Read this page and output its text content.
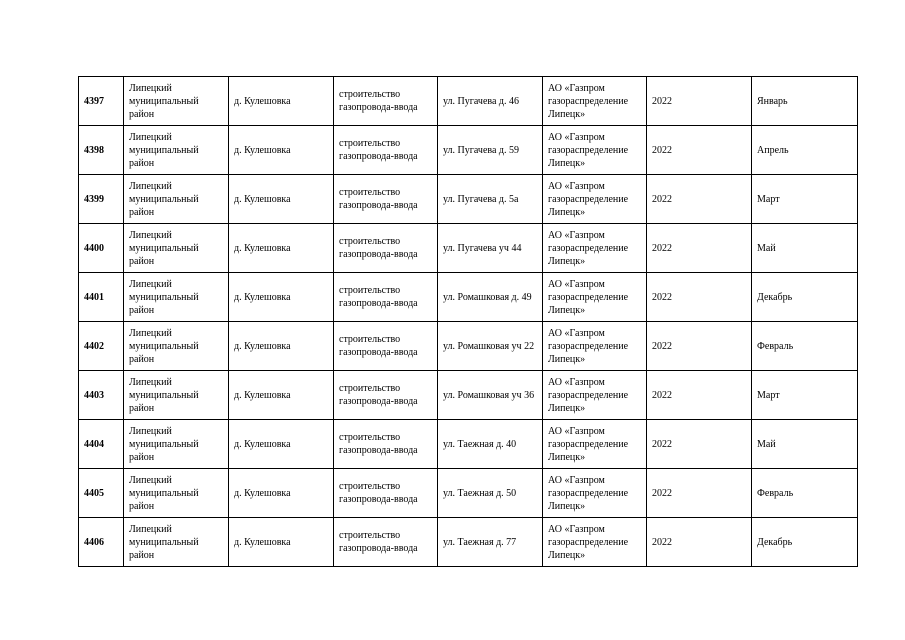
4397	Липецкий муниципальный район	д. Кулешовка	строительство газопровода-ввода	ул. Пугачева д. 46	АО «Газпром газораспределение Липецк»	2022	Январь

4398	Липецкий муниципальный район	д. Кулешовка	строительство газопровода-ввода	ул. Пугачева д. 59	АО «Газпром газораспределение Липецк»	2022	Апрель

4399	Липецкий муниципальный район	д. Кулешовка	строительство газопровода-ввода	ул. Пугачева д. 5а	АО «Газпром газораспределение Липецк»	2022	Март

4400	Липецкий муниципальный район	д. Кулешовка	строительство газопровода-ввода	ул. Пугачева уч 44	АО «Газпром газораспределение Липецк»	2022	Май

4401	Липецкий муниципальный район	д. Кулешовка	строительство газопровода-ввода	ул. Ромашковая д. 49	АО «Газпром газораспределение Липецк»	2022	Декабрь

4402	Липецкий муниципальный район	д. Кулешовка	строительство газопровода-ввода	ул. Ромашковая уч 22	АО «Газпром газораспределение Липецк»	2022	Февраль

4403	Липецкий муниципальный район	д. Кулешовка	строительство газопровода-ввода	ул. Ромашковая уч 36	АО «Газпром газораспределение Липецк»	2022	Март

4404	Липецкий муниципальный район	д. Кулешовка	строительство газопровода-ввода	ул. Таежная д. 40	АО «Газпром газораспределение Липецк»	2022	Май

4405	Липецкий муниципальный район	д. Кулешовка	строительство газопровода-ввода	ул. Таежная д. 50	АО «Газпром газораспределение Липецк»	2022	Февраль

4406	Липецкий муниципальный район	д. Кулешовка	строительство газопровода-ввода	ул. Таежная д. 77	АО «Газпром газораспределение Липецк»	2022	Декабрь
